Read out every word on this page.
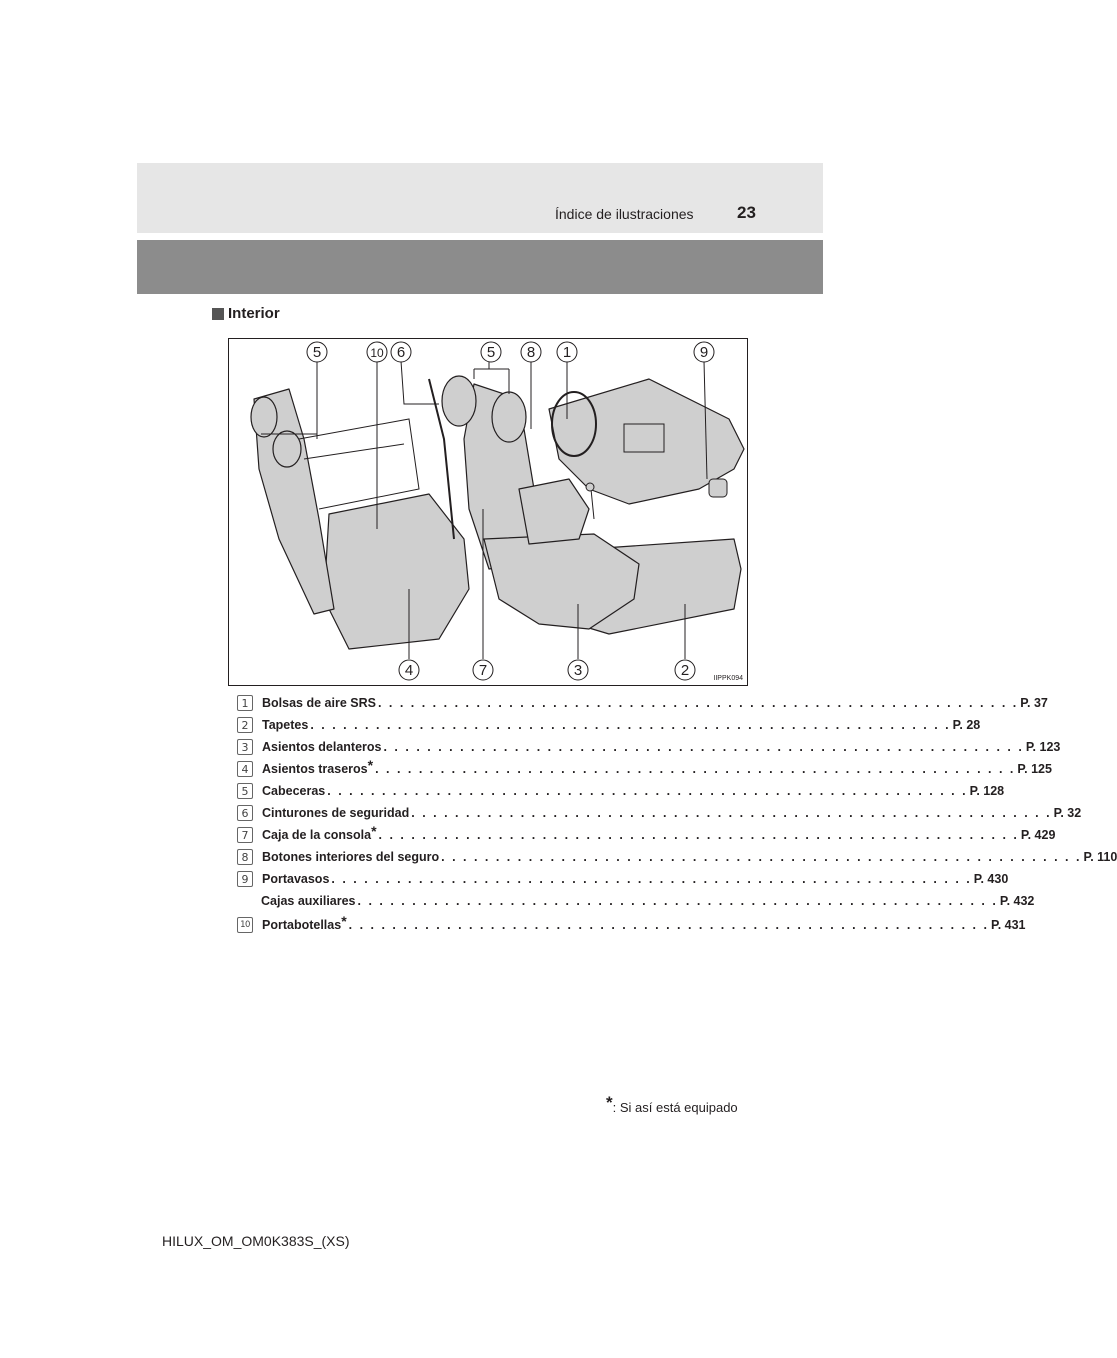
Índice de ilustraciones	23
Interior
5	10 6	5 8 1	9
4	7	3	2	IIPPK094
1	Bolsas de aire SRS . . . . . . . . . . . . . . . . . . . . . . . . . . . . . . . . . . . . . . . . . . . . . . . . . . . . . . . . . . . P. 37
2	Tapetes . . . . . . . . . . . . . . . . . . . . . . . . . . . . . . . . . . . . . . . . . . . . . . . . . . . . . . . . . . . P. 28
3	Asientos delanteros . . . . . . . . . . . . . . . . . . . . . . . . . . . . . . . . . . . . . . . . . . . . . . . . . . . . . . . . . . . P. 123
4	Asientos traseros* . . . . . . . . . . . . . . . . . . . . . . . . . . . . . . . . . . . . . . . . . . . . . . . . . . . . . . . . . . . P. 125
5	Cabeceras . . . . . . . . . . . . . . . . . . . . . . . . . . . . . . . . . . . . . . . . . . . . . . . . . . . . . . . . . . . P. 128
6	Cinturones de seguridad . . . . . . . . . . . . . . . . . . . . . . . . . . . . . . . . . . . . . . . . . . . . . . . . . . . . . . . . . . . P. 32
7	Caja de la consola* . . . . . . . . . . . . . . . . . . . . . . . . . . . . . . . . . . . . . . . . . . . . . . . . . . . . . . . . . . . P. 429
8	Botones interiores del seguro . . . . . . . . . . . . . . . . . . . . . . . . . . . . . . . . . . . . . . . . . . . . . . . . . . . . . . . . . . . P. 110
9	Portavasos . . . . . . . . . . . . . . . . . . . . . . . . . . . . . . . . . . . . . . . . . . . . . . . . . . . . . . . . . . . P. 430
Cajas auxiliares . . . . . . . . . . . . . . . . . . . . . . . . . . . . . . . . . . . . . . . . . . . . . . . . . . . . . . . . . . . P. 432
10 Portabotellas* . . . . . . . . . . . . . . . . . . . . . . . . . . . . . . . . . . . . . . . . . . . . . . . . . . . . . . . . . . . P. 431
*: Si así está equipado
HILUX_OM_OM0K383S_(XS)
